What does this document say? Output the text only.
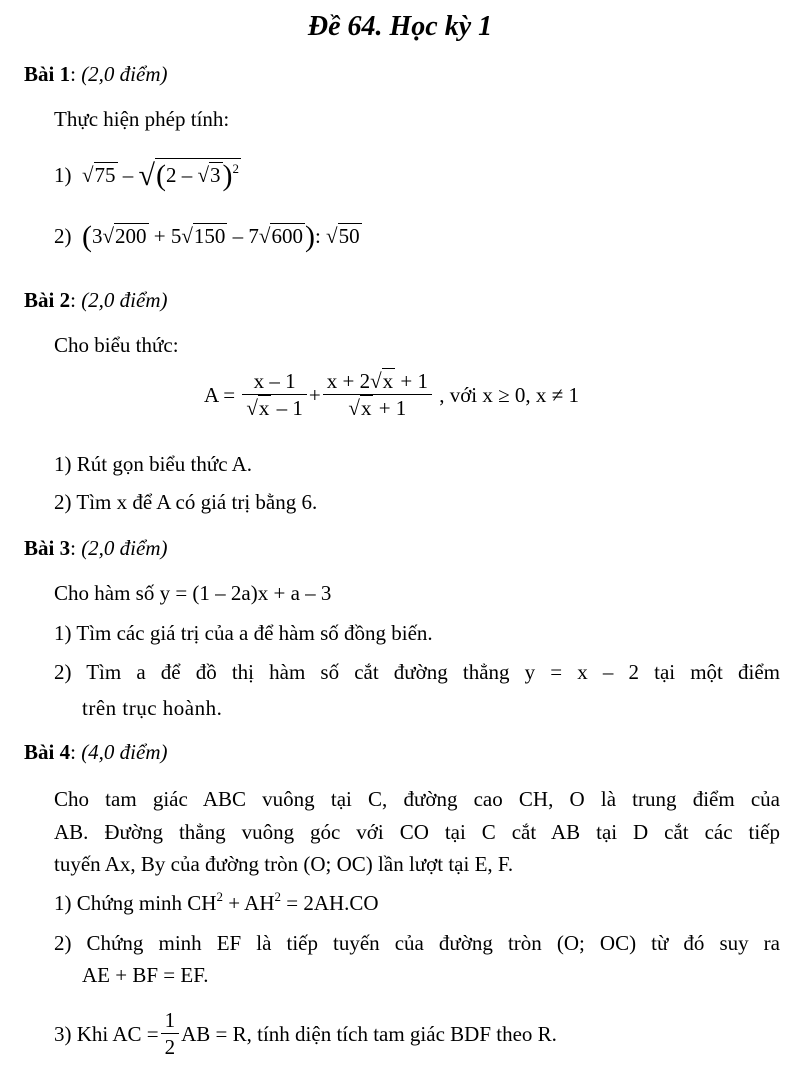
Đề 64. Học kỳ 1
Bài 1: (2,0 điểm)
Thực hiện phép tính:
1) √75 – √(2 – √3)$^2$
2) (3√200 + 5√150 – 7√600): √50
Bài 2: (2,0 điểm)
Cho biểu thức:
$A = \frac{x - 1}{√x - 1} + \frac{x + 2√x + 1}{√x + 1}$ , với x ≥ 0, x ≠ 1
1) Rút gọn biểu thức A.
2) Tìm x để A có giá trị bằng 6.
Bài 3: (2,0 điểm)
Cho hàm số y = (1 – 2a)x + a – 3
1) Tìm các giá trị của a để hàm số đồng biến.
2) Tìm a để đồ thị hàm số cắt đường thẳng y = x – 2 tại một điểm
trên trục hoành.
Bài 4: (4,0 điểm)
Cho tam giác ABC vuông tại C, đường cao CH, O là trung điểm của
AB. Đường thẳng vuông góc với CO tại C cắt AB tại D cắt các tiếp
tuyến Ax, By của đường tròn (O; OC) lần lượt tại E, F.
1) Chứng minh $CH^2 + AH^2 = 2AH.CO$
2) Chứng minh EF là tiếp tuyến của đường tròn (O; OC) từ đó suy ra
AE + BF = EF.
3) Khi AC = $\frac{1}{2}$ AB = R, tính diện tích tam giác BDF theo R.
